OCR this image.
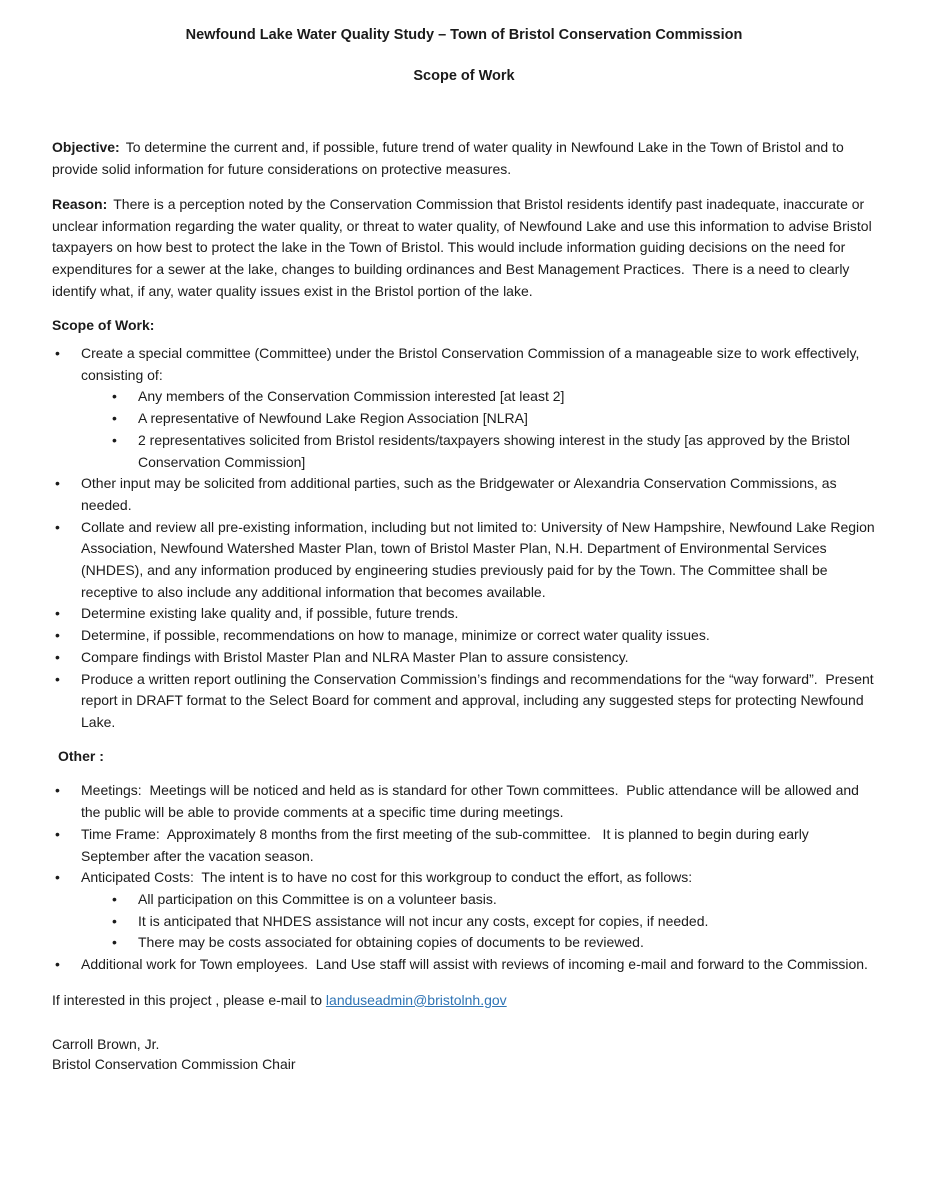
Newfound Lake Water Quality Study – Town of Bristol Conservation Commission
Scope of Work

Objective: To determine the current and, if possible, future trend of water quality in Newfound Lake in the Town of Bristol and to provide solid information for future considerations on protective measures.

Reason: There is a perception noted by the Conservation Commission that Bristol residents identify past inadequate, inaccurate or unclear information regarding the water quality, or threat to water quality, of Newfound Lake and use this information to advise Bristol taxpayers on how best to protect the lake in the Town of Bristol. This would include information guiding decisions on the need for expenditures for a sewer at the lake, changes to building ordinances and Best Management Practices.  There is a need to clearly identify what, if any, water quality issues exist in the Bristol portion of the lake.

Scope of Work:
• Create a special committee (Committee) under the Bristol Conservation Commission of a manageable size to work effectively, consisting of:
• Any members of the Conservation Commission interested [at least 2]
• A representative of Newfound Lake Region Association [NLRA]
• 2 representatives solicited from Bristol residents/taxpayers showing interest in the study [as approved by the Bristol Conservation Commission]
• Other input may be solicited from additional parties, such as the Bridgewater or Alexandria Conservation Commissions, as needed.
• Collate and review all pre-existing information, including but not limited to: University of New Hampshire, Newfound Lake Region Association, Newfound Watershed Master Plan, town of Bristol Master Plan, N.H. Department of Environmental Services (NHDES), and any information produced by engineering studies previously paid for by the Town. The Committee shall be receptive to also include any additional information that becomes available.
• Determine existing lake quality and, if possible, future trends.
• Determine, if possible, recommendations on how to manage, minimize or correct water quality issues.
• Compare findings with Bristol Master Plan and NLRA Master Plan to assure consistency.
• Produce a written report outlining the Conservation Commission’s findings and recommendations for the “way forward”.  Present report in DRAFT format to the Select Board for comment and approval, including any suggested steps for protecting Newfound Lake.
Other :
• Meetings:  Meetings will be noticed and held as is standard for other Town committees.  Public attendance will be allowed and the public will be able to provide comments at a specific time during meetings.
• Time Frame:  Approximately 8 months from the first meeting of the sub-committee.   It is planned to begin during early September after the vacation season.
• Anticipated Costs:  The intent is to have no cost for this workgroup to conduct the effort, as follows:
• All participation on this Committee is on a volunteer basis.
• It is anticipated that NHDES assistance will not incur any costs, except for copies, if needed.
• There may be costs associated for obtaining copies of documents to be reviewed.
• Additional work for Town employees.  Land Use staff will assist with reviews of incoming e-mail and forward to the Commission.

If interested in this project , please e-mail to landuseadmin@bristolnh.gov

Carroll Brown, Jr.
Bristol Conservation Commission Chair
